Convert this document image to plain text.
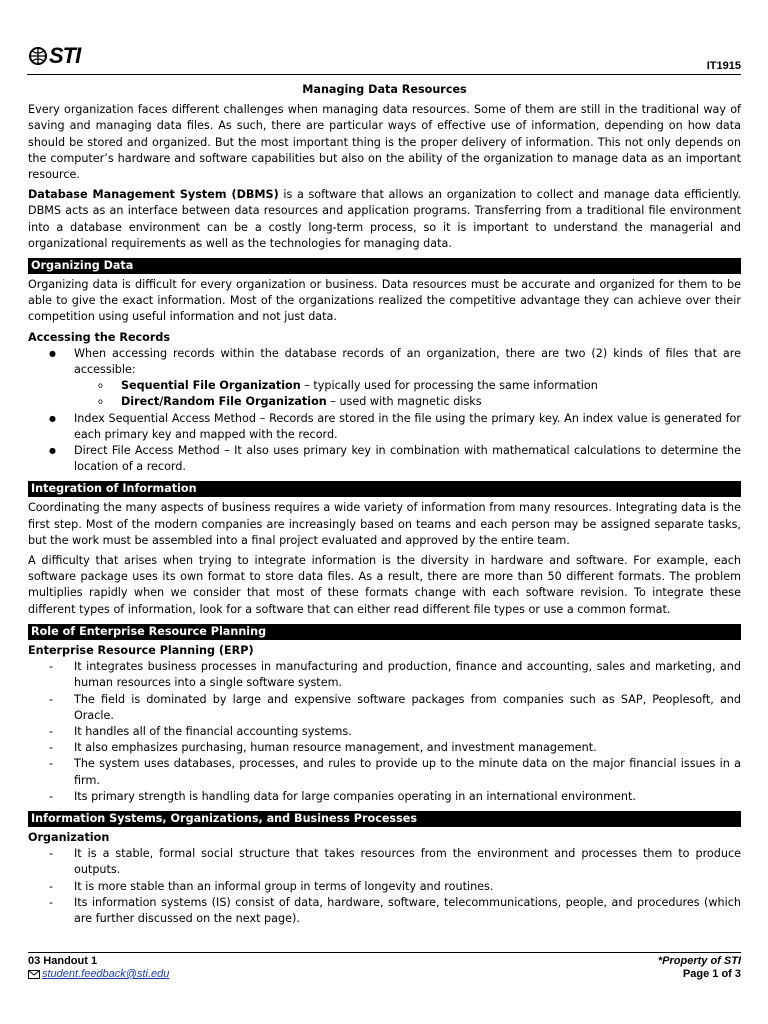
STI	IT1915
Managing Data Resources

Every organization faces different challenges when managing data resources. Some of them are still in the traditional way of saving and managing data files. As such, there are particular ways of effective use of information, depending on how data should be stored and organized. But the most important thing is the proper delivery of information. This not only depends on the computer’s hardware and software capabilities but also on the ability of the organization to manage data as an important resource.

Database Management System (DBMS) is a software that allows an organization to collect and manage data efficiently. DBMS acts as an interface between data resources and application programs. Transferring from a traditional file environment into a database environment can be a costly long-term process, so it is important to understand the managerial and organizational requirements as well as the technologies for managing data.

Organizing Data

Organizing data is difficult for every organization or business. Data resources must be accurate and organized for them to be able to give the exact information. Most of the organizations realized the competitive advantage they can achieve over their competition using useful information and not just data.

Accessing the Records
● When accessing records within the database records of an organization, there are two (2) kinds of files that are accessible:
o Sequential File Organization – typically used for processing the same information
o Direct/Random File Organization – used with magnetic disks
● Index Sequential Access Method – Records are stored in the file using the primary key. An index value is generated for each primary key and mapped with the record.
● Direct File Access Method – It also uses primary key in combination with mathematical calculations to determine the location of a record.
Integration of Information

Coordinating the many aspects of business requires a wide variety of information from many resources. Integrating data is the first step. Most of the modern companies are increasingly based on teams and each person may be assigned separate tasks, but the work must be assembled into a final project evaluated and approved by the entire team.

A difficulty that arises when trying to integrate information is the diversity in hardware and software. For example, each software package uses its own format to store data files. As a result, there are more than 50 different formats. The problem multiplies rapidly when we consider that most of these formats change with each software revision. To integrate these different types of information, look for a software that can either read different file types or use a common format.

Role of Enterprise Resource Planning
Enterprise Resource Planning (ERP)
- It integrates business processes in manufacturing and production, finance and accounting, sales and marketing, and human resources into a single software system.
- The field is dominated by large and expensive software packages from companies such as SAP, Peoplesoft, and Oracle.
- It handles all of the financial accounting systems.
- It also emphasizes purchasing, human resource management, and investment management.
- The system uses databases, processes, and rules to provide up to the minute data on the major financial issues in a firm.
- Its primary strength is handling data for large companies operating in an international environment.
Information Systems, Organizations, and Business Processes
Organization
- It is a stable, formal social structure that takes resources from the environment and processes them to produce outputs.
- It is more stable than an informal group in terms of longevity and routines.
- Its information systems (IS) consist of data, hardware, software, telecommunications, people, and procedures (which are further discussed on the next page).
03 Handout 1
student.feedback@sti.edu
*Property of STI
Page 1 of 3
